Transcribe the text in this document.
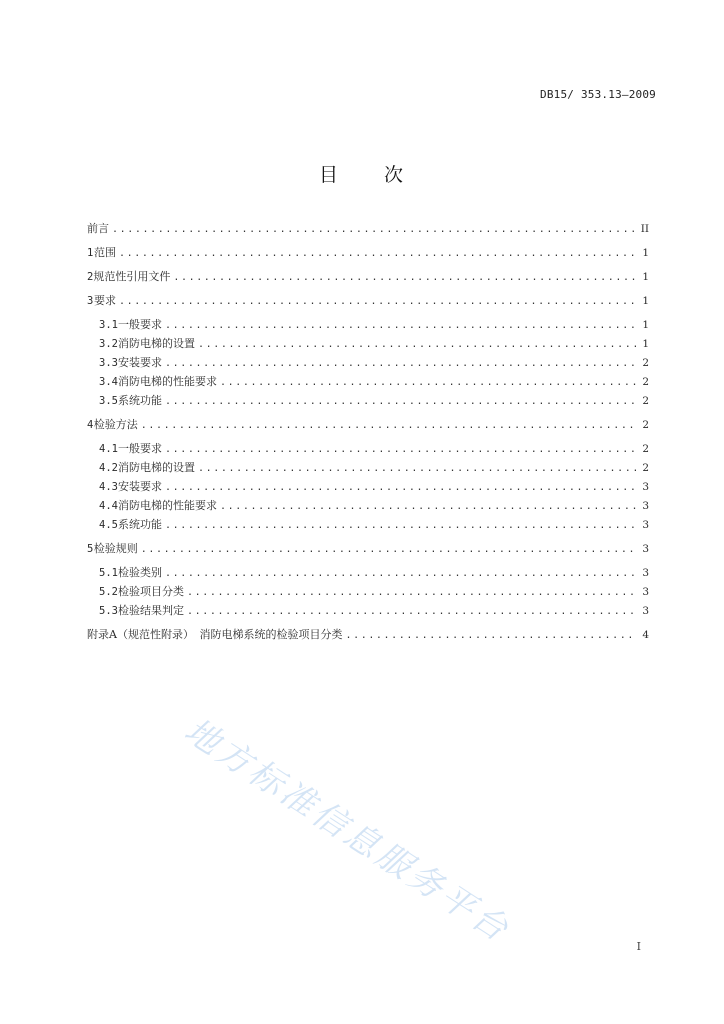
DB15/ 353.13—2009
目 次
前言 .....	II
1 范围 .....	1
2 规范性引用文件 .....	1
3 要求 .....	1
3.1 一般要求 .....	1
3.2 消防电梯的设置 .....	1
3.3 安装要求 .....	2
3.4 消防电梯的性能要求 .....	2
3.5 系统功能 .....	2
4 检验方法 .....	2
4.1 一般要求 .....	2
4.2 消防电梯的设置 .....	2
4.3 安装要求 .....	3
4.4 消防电梯的性能要求 .....	3
4.5 系统功能 .....	3
5 检验规则 .....	3
5.1 检验类别 .....	3
5.2 检验项目分类 .....	3
5.3 检验结果判定 .....	3
附录A（规范性附录）　消防电梯系统的检验项目分类 .....	4
地方标准信息服务平台	I
